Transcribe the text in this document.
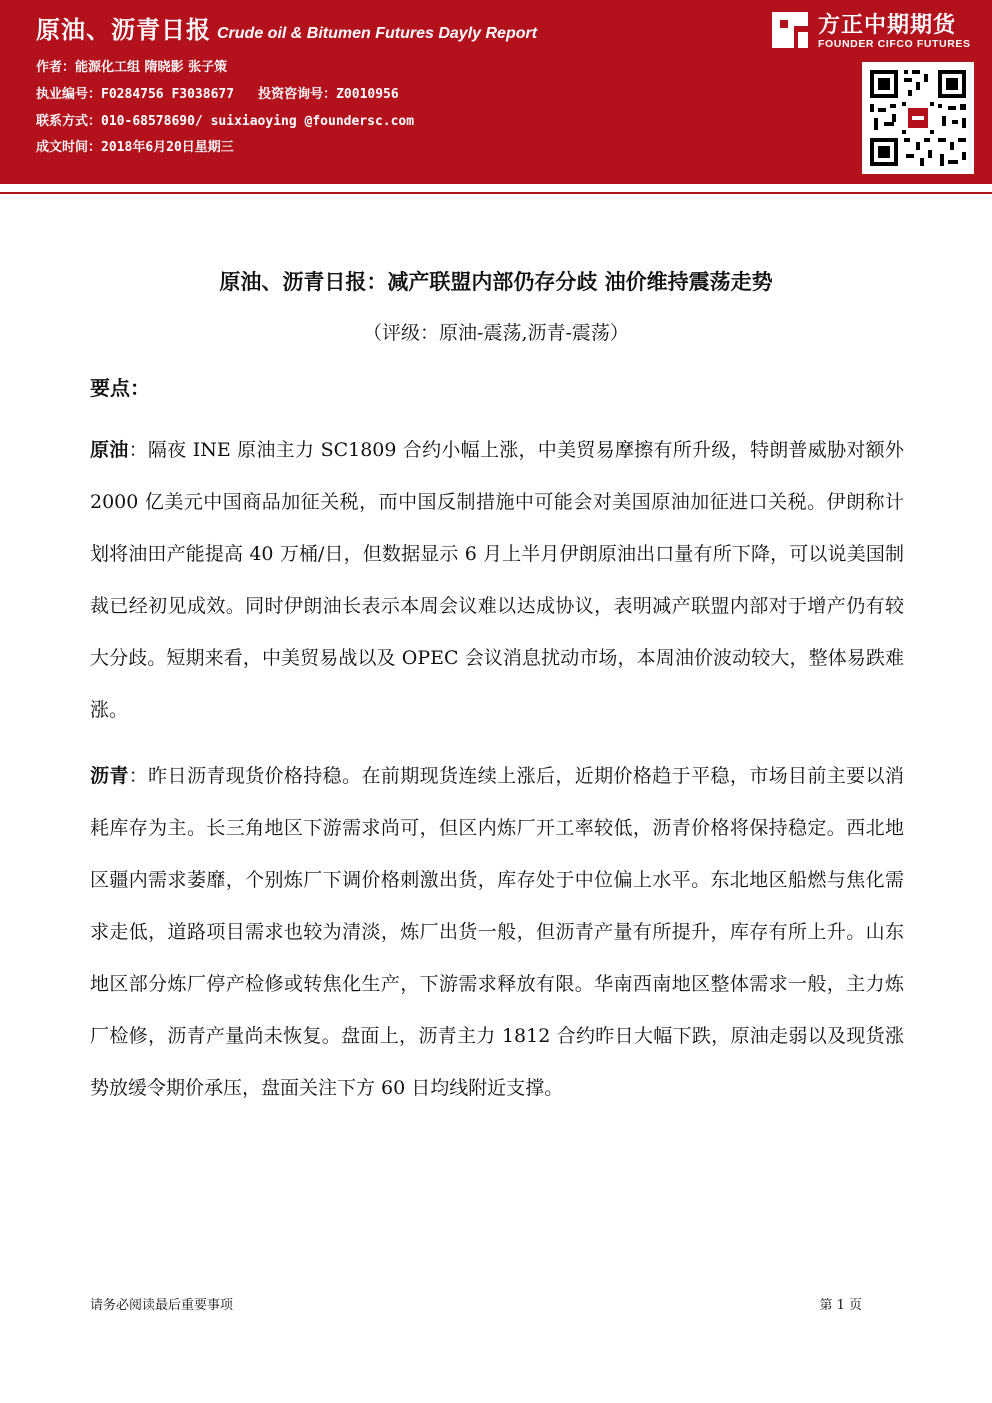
原油、沥青日报 Crude oil & Bitumen Futures Dayly Report
作者：能源化工组 隋晓影 张子策
执业编号：F0284756 F3038677 投资咨询号：Z0010956
联系方式：010-68578690/ suixiaoying @foundersc.com
成文时间：2018年6月20日星期三
方正中期期货
FOUNDER CIFCO FUTURES
原油、沥青日报：减产联盟内部仍存分歧 油价维持震荡走势
（评级：原油-震荡,沥青-震荡）
要点：
原油：隔夜 INE 原油主力 SC1809 合约小幅上涨，中美贸易摩擦有所升级，特朗普威胁对额外 2000 亿美元中国商品加征关税，而中国反制措施中可能会对美国原油加征进口关税。伊朗称计划将油田产能提高 40 万桶/日，但数据显示 6 月上半月伊朗原油出口量有所下降，可以说美国制裁已经初见成效。同时伊朗油长表示本周会议难以达成协议，表明减产联盟内部对于增产仍有较大分歧。短期来看，中美贸易战以及 OPEC 会议消息扰动市场，本周油价波动较大，整体易跌难涨。
沥青：昨日沥青现货价格持稳。在前期现货连续上涨后，近期价格趋于平稳，市场目前主要以消耗库存为主。长三角地区下游需求尚可，但区内炼厂开工率较低，沥青价格将保持稳定。西北地区疆内需求萎靡，个别炼厂下调价格刺激出货，库存处于中位偏上水平。东北地区船燃与焦化需求走低，道路项目需求也较为清淡，炼厂出货一般，但沥青产量有所提升，库存有所上升。山东地区部分炼厂停产检修或转焦化生产，下游需求释放有限。华南西南地区整体需求一般，主力炼厂检修，沥青产量尚未恢复。盘面上，沥青主力 1812 合约昨日大幅下跌，原油走弱以及现货涨势放缓令期价承压，盘面关注下方 60 日均线附近支撑。
请务必阅读最后重要事项	第 1 页
